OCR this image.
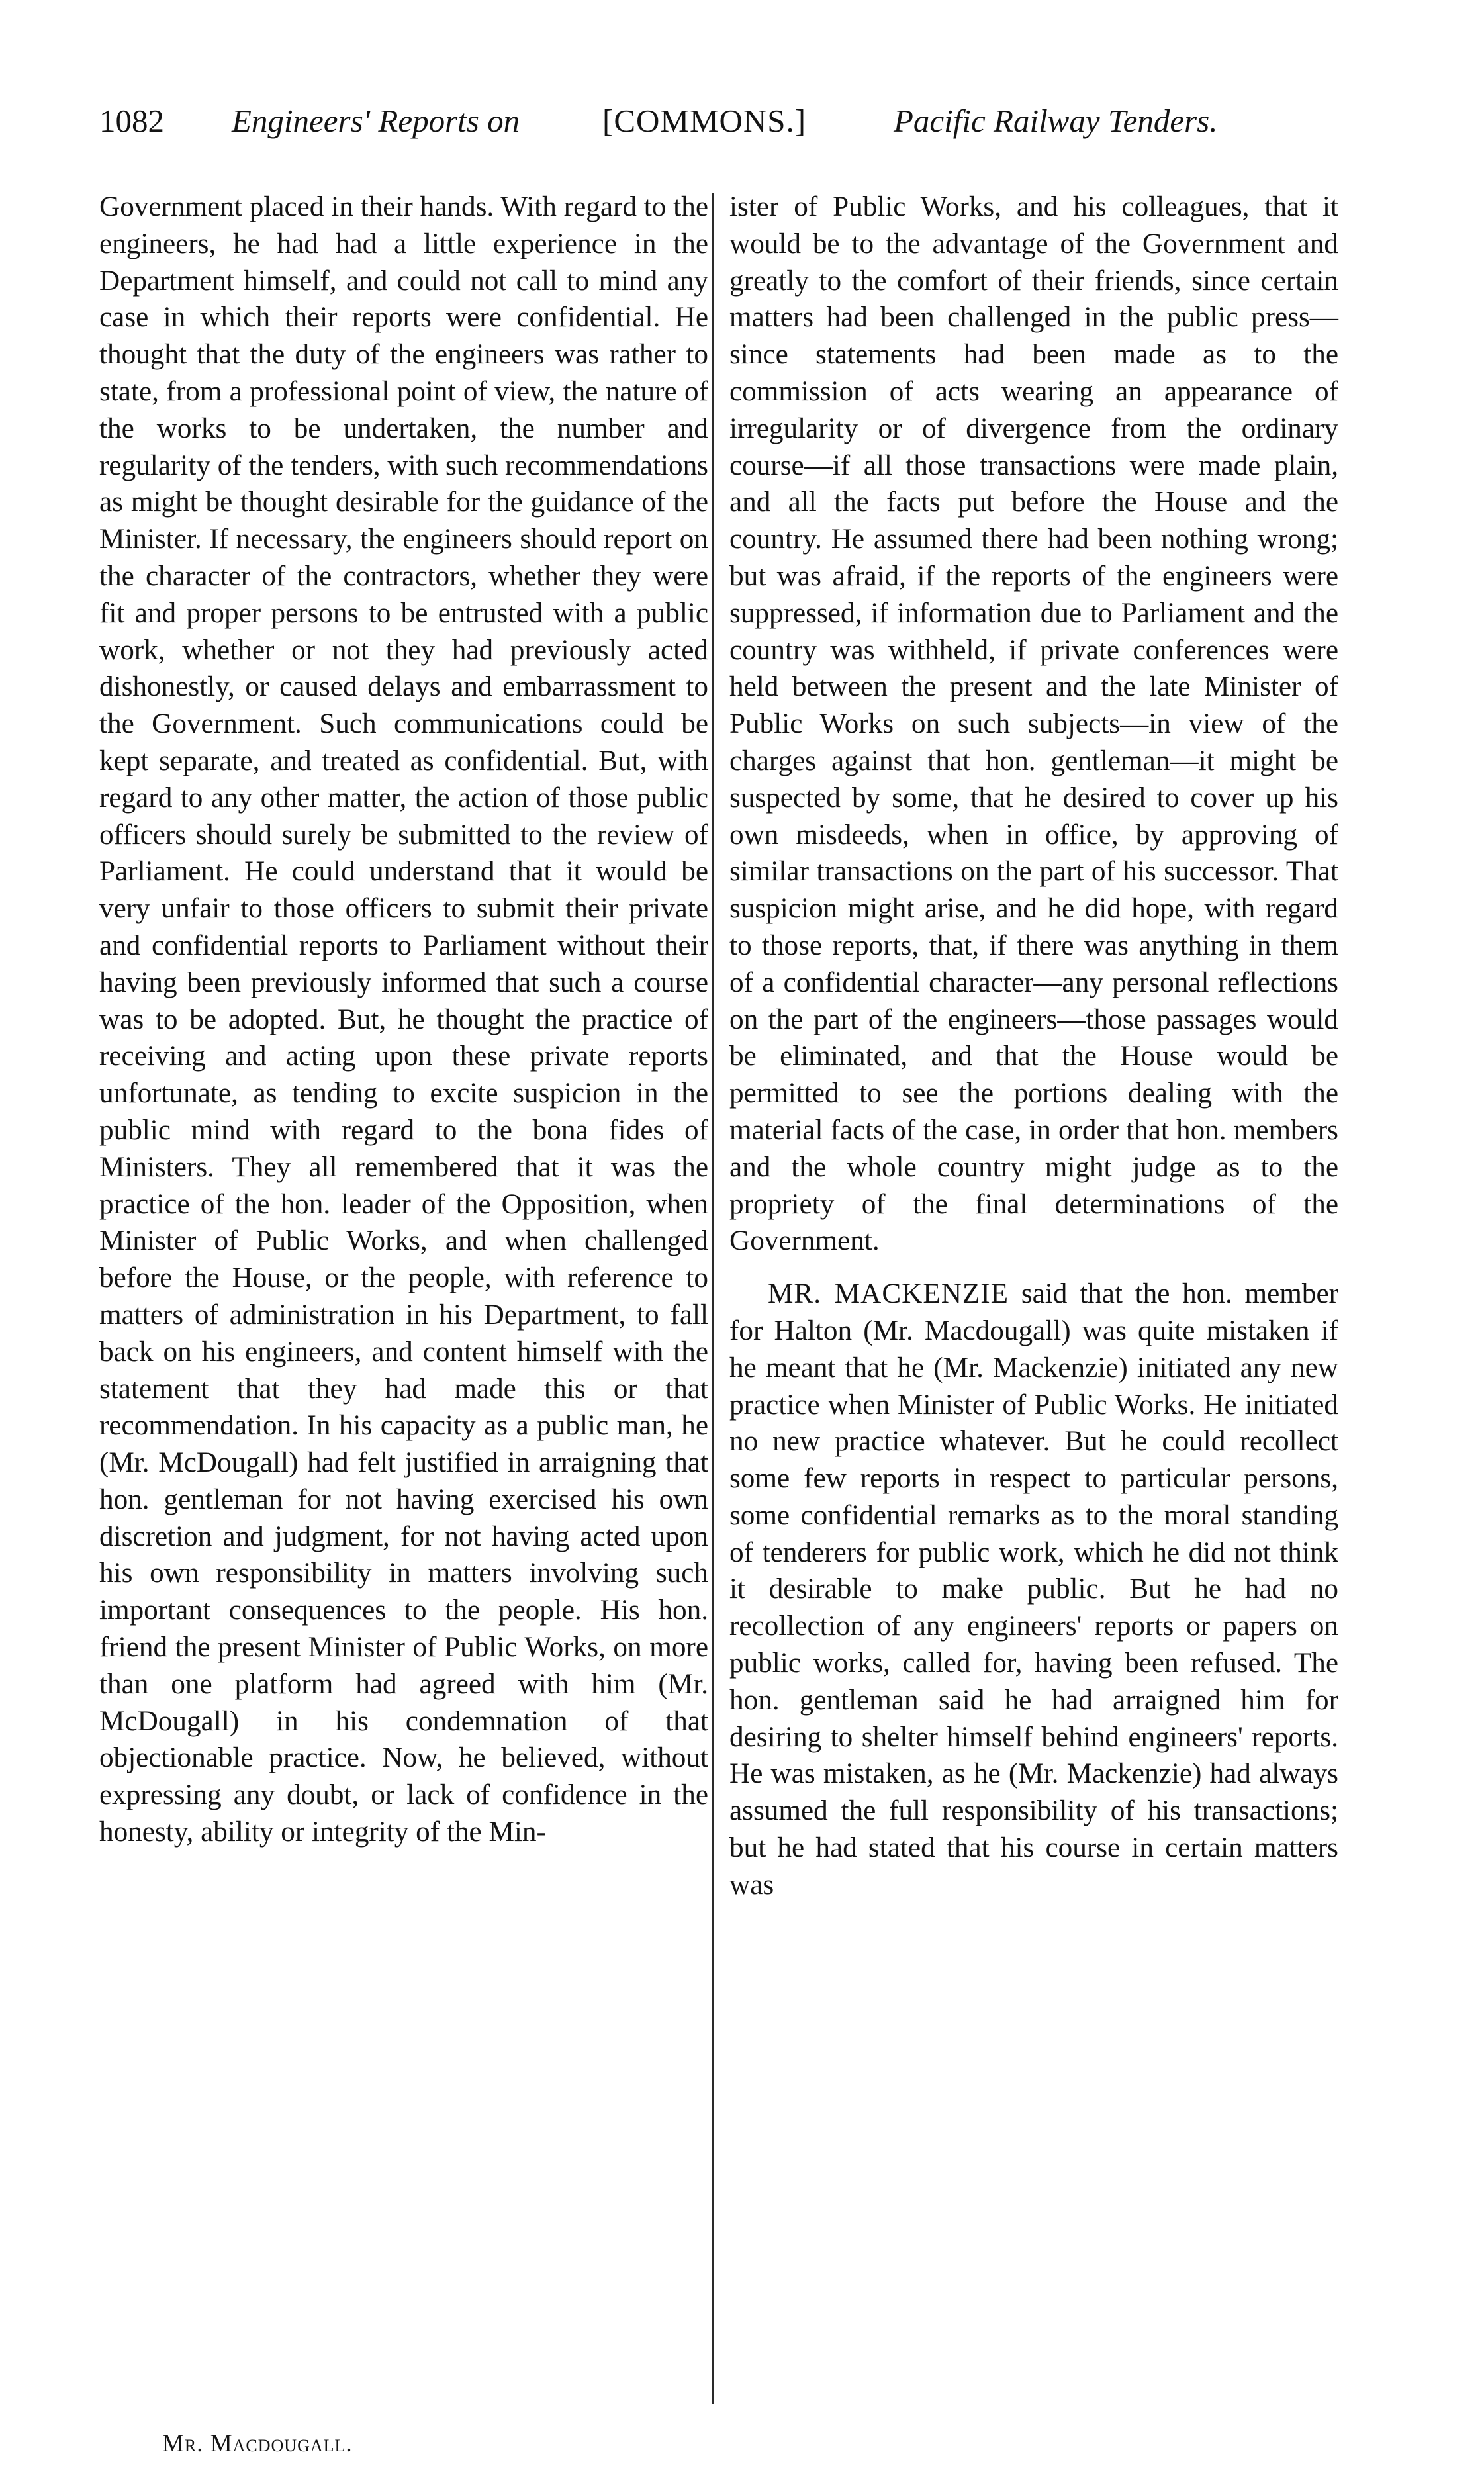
1082 Engineers' Reports on	[COMMONS.]	Pacific Railway Tenders.

Government placed in their hands. With regard to the engineers, he had had a little experience in the Department himself, and could not call to mind any case in which their reports were confidential. He thought that the duty of the engineers was rather to state, from a professional point of view, the nature of the works to be undertaken, the number and regularity of the tenders, with such recommendations as might be thought desirable for the guidance of the Minister. If necessary, the engineers should report on the character of the contractors, whether they were fit and proper persons to be entrusted with a public work, whether or not they had previously acted dishonestly, or caused delays and embarrassment to the Government. Such communications could be kept separate, and treated as confidential. But, with regard to any other matter, the action of those public officers should surely be submitted to the review of Parliament. He could understand that it would be very unfair to those officers to submit their private and confidential reports to Parliament without their having been previously informed that such a course was to be adopted. But, he thought the practice of receiving and acting upon these private reports unfortunate, as tending to excite suspicion in the public mind with regard to the bona fides of Ministers. They all remembered that it was the practice of the hon. leader of the Opposition, when Minister of Public Works, and when challenged before the House, or the people, with reference to matters of administration in his Department, to fall back on his engineers, and content himself with the statement that they had made this or that recommendation. In his capacity as a public man, he (Mr. McDougall) had felt justified in arraigning that hon. gentleman for not having exercised his own discretion and judgment, for not having acted upon his own responsibility in matters involving such important consequences to the people. His hon. friend the present Minister of Public Works, on more than one platform had agreed with him (Mr. McDougall) in his condemnation of that objectionable practice. Now, he believed, without expressing any doubt, or lack of confidence in the honesty, ability or integrity of the Min-

ister of Public Works, and his colleagues, that it would be to the advantage of the Government and greatly to the comfort of their friends, since certain matters had been challenged in the public press— since statements had been made as to the commission of acts wearing an appearance of irregularity or of divergence from the ordinary course—if all those transactions were made plain, and all the facts put before the House and the country. He assumed there had been nothing wrong; but was afraid, if the reports of the engineers were suppressed, if information due to Parliament and the country was withheld, if private conferences were held between the present and the late Minister of Public Works on such subjects—in view of the charges against that hon. gentleman—it might be suspected by some, that he desired to cover up his own misdeeds, when in office, by approving of similar transactions on the part of his successor. That suspicion might arise, and he did hope, with regard to those reports, that, if there was anything in them of a confidential character—any personal reflections on the part of the engineers—those passages would be eliminated, and that the House would be permitted to see the portions dealing with the material facts of the case, in order that hon. members and the whole country might judge as to the propriety of the final determinations of the Government.

MR. MACKENZIE said that the hon. member for Halton (Mr. Macdougall) was quite mistaken if he meant that he (Mr. Mackenzie) initiated any new practice when Minister of Public Works. He initiated no new practice whatever. But he could recollect some few reports in respect to particular persons, some confidential remarks as to the moral standing of tenderers for public work, which he did not think it desirable to make public. But he had no recollection of any engineers' reports or papers on public works, called for, having been refused. The hon. gentleman said he had arraigned him for desiring to shelter himself behind engineers' reports. He was mistaken, as he (Mr. Mackenzie) had always assumed the full responsibility of his transactions; but he had stated that his course in certain matters was

Mr. Macdougall.
